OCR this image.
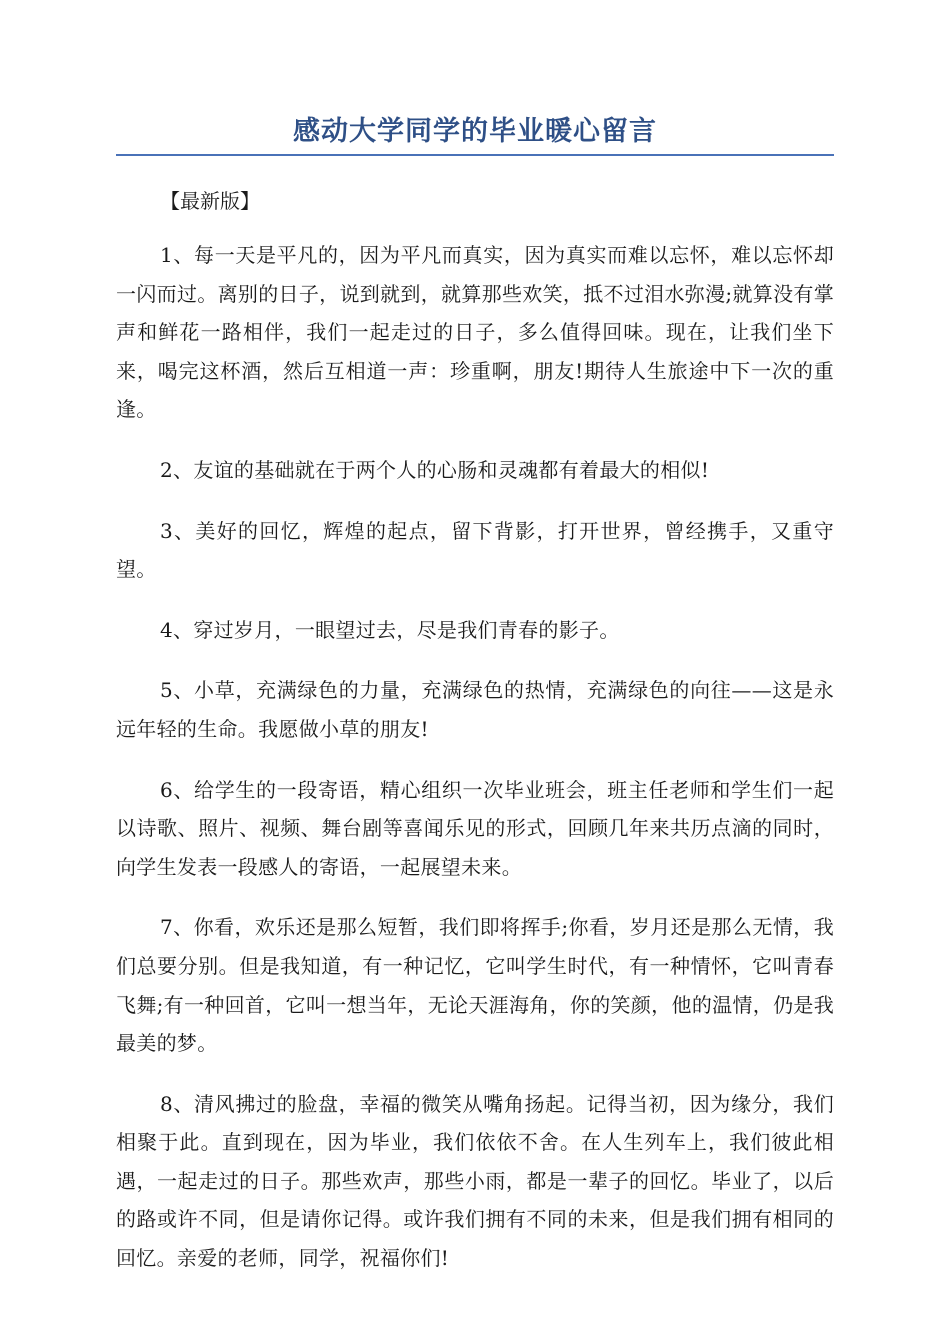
感动大学同学的毕业暖心留言

【最新版】

1、每一天是平凡的，因为平凡而真实，因为真实而难以忘怀，难以忘怀却一闪而过。离别的日子，说到就到，就算那些欢笑，抵不过泪水弥漫;就算没有掌声和鲜花一路相伴，我们一起走过的日子，多么值得回味。现在，让我们坐下来，喝完这杯酒，然后互相道一声：珍重啊，朋友!期待人生旅途中下一次的重逢。

2、友谊的基础就在于两个人的心肠和灵魂都有着最大的相似!

3、美好的回忆，辉煌的起点，留下背影，打开世界，曾经携手，又重守望。

4、穿过岁月，一眼望过去，尽是我们青春的影子。

5、小草，充满绿色的力量，充满绿色的热情，充满绿色的向往——这是永远年轻的生命。我愿做小草的朋友!

6、给学生的一段寄语，精心组织一次毕业班会，班主任老师和学生们一起以诗歌、照片、视频、舞台剧等喜闻乐见的形式，回顾几年来共历点滴的同时，向学生发表一段感人的寄语，一起展望未来。

7、你看，欢乐还是那么短暂，我们即将挥手;你看，岁月还是那么无情，我们总要分别。但是我知道，有一种记忆，它叫学生时代，有一种情怀，它叫青春飞舞;有一种回首，它叫一想当年，无论天涯海角，你的笑颜，他的温情，仍是我最美的梦。

8、清风拂过的脸盘，幸福的微笑从嘴角扬起。记得当初，因为缘分，我们相聚于此。直到现在，因为毕业，我们依依不舍。在人生列车上，我们彼此相遇，一起走过的日子。那些欢声，那些小雨，都是一辈子的回忆。毕业了，以后的路或许不同，但是请你记得。或许我们拥有不同的未来，但是我们拥有相同的回忆。亲爱的老师，同学，祝福你们!
